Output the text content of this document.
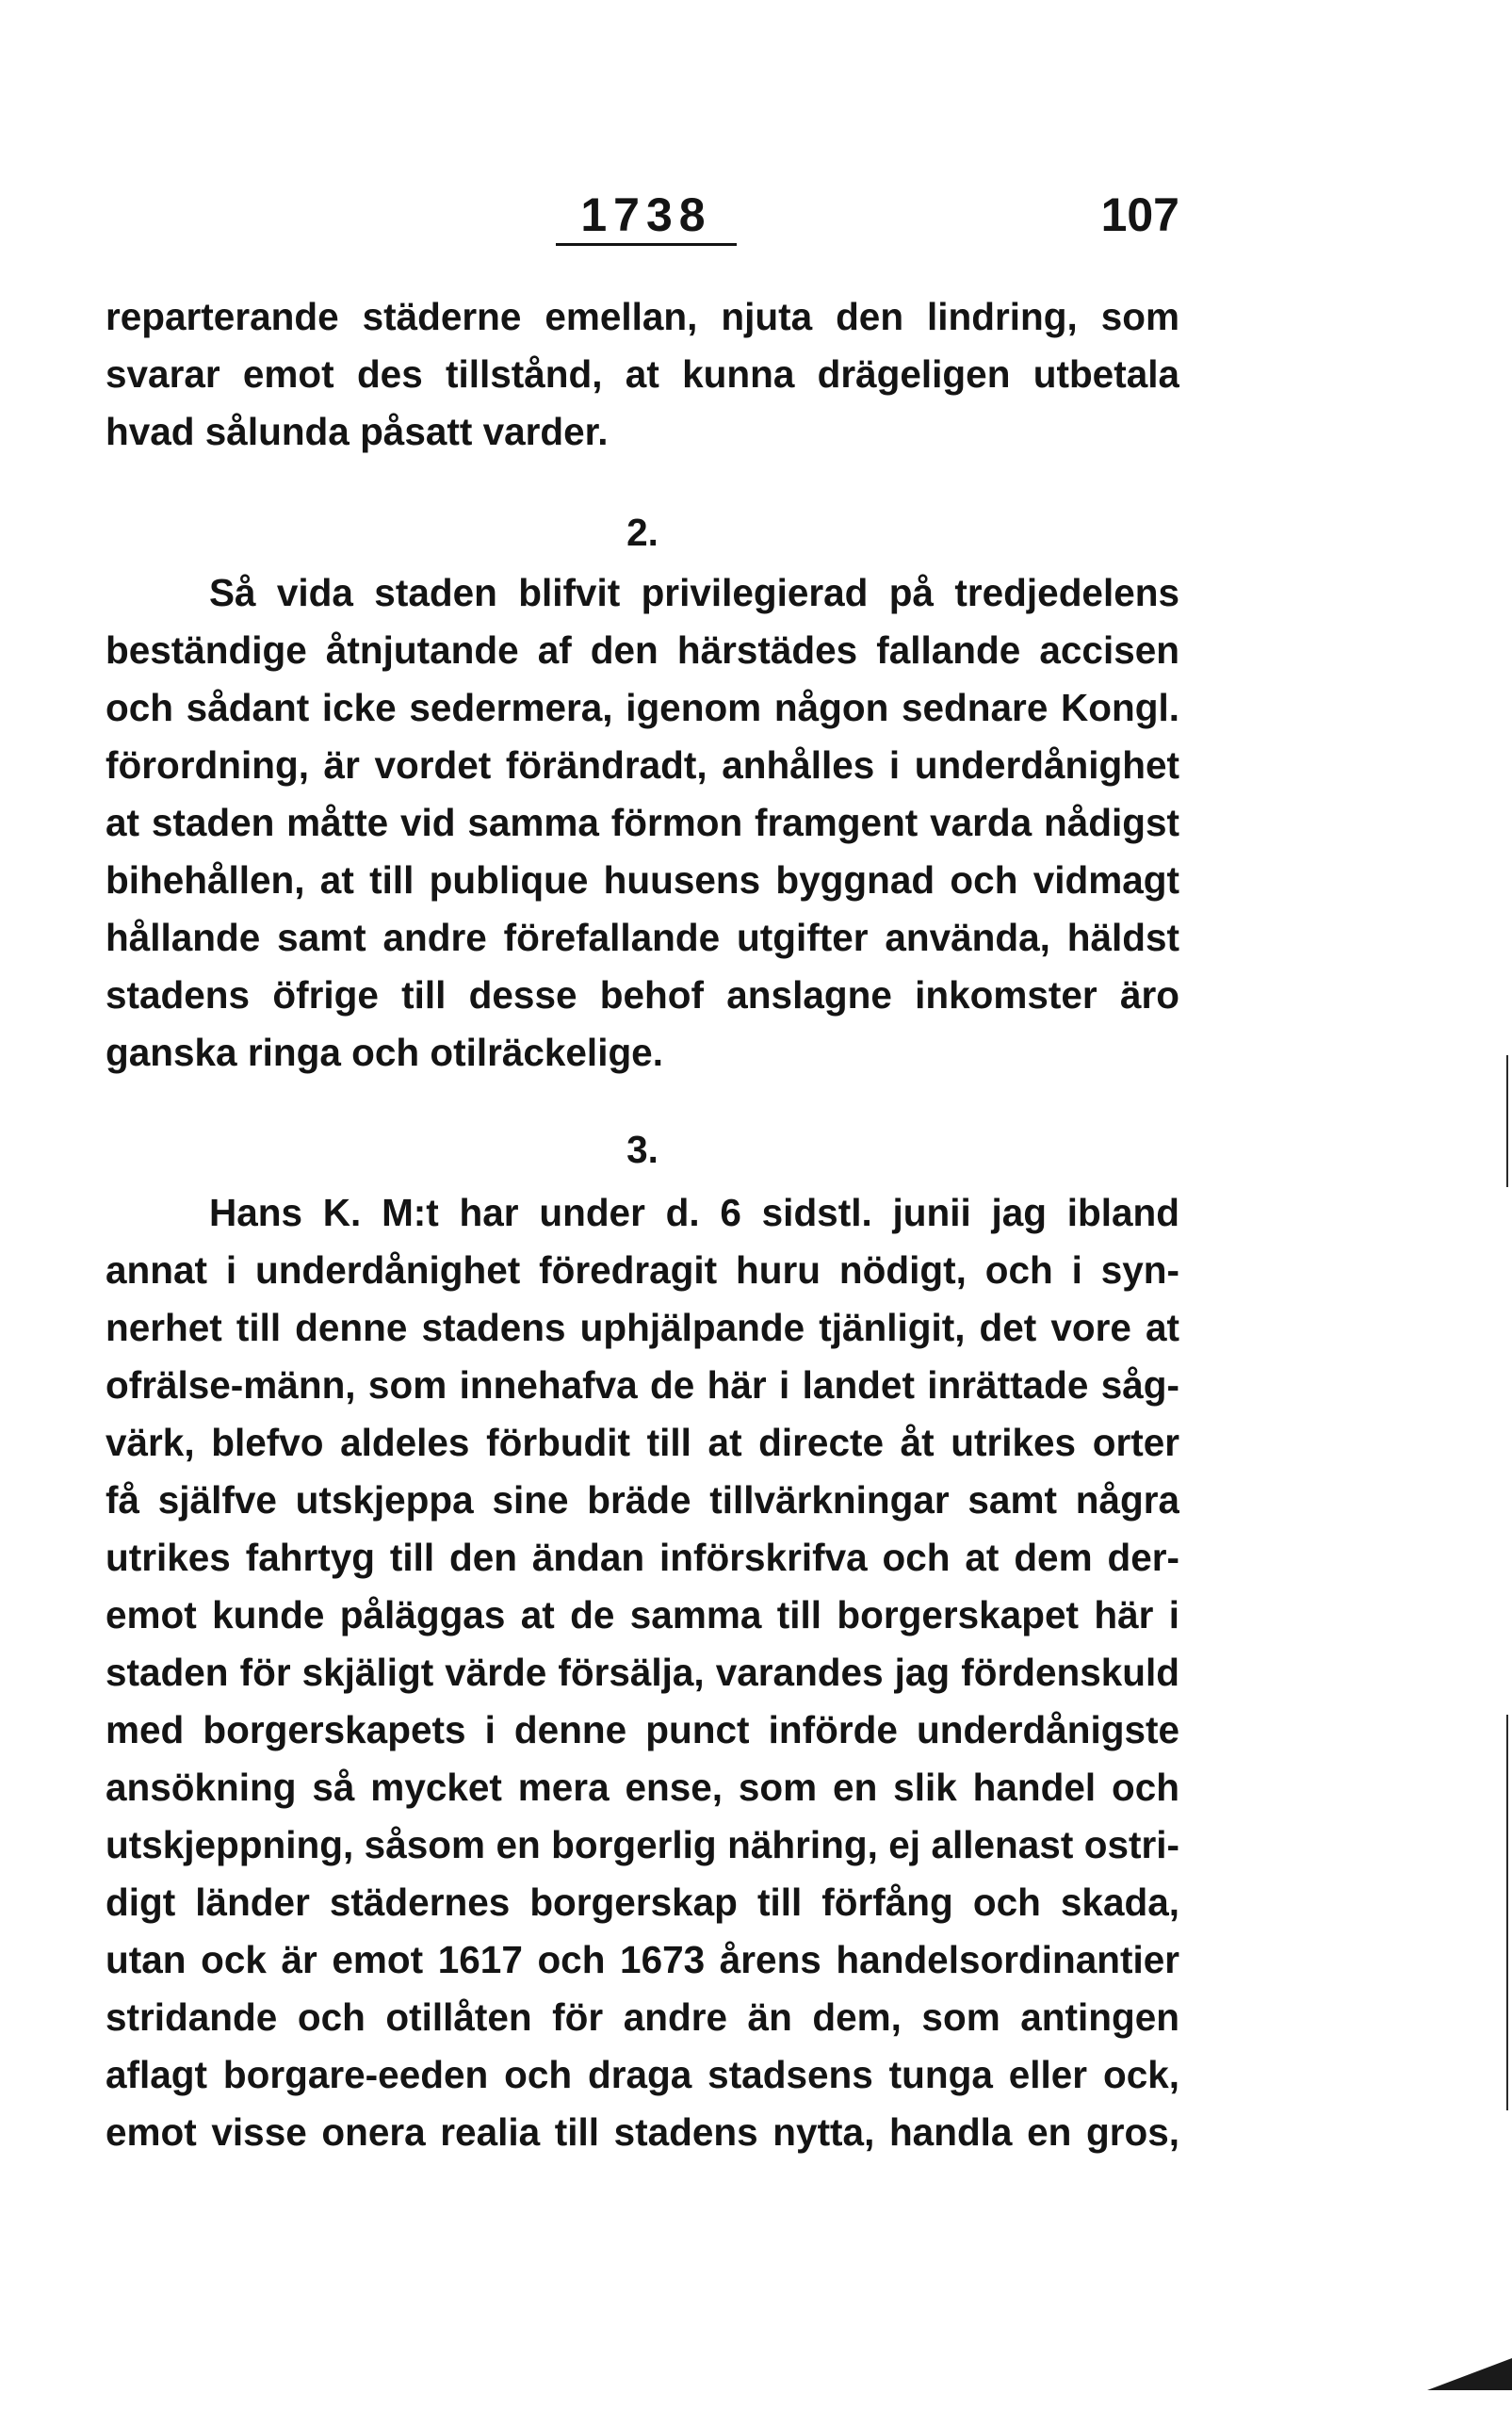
1738	107
reparterande städerne emellan, njuta den lindring, som
svarar emot des tillstånd, at kunna drägeligen utbetala
hvad sålunda påsatt varder.
2.
Så vida staden blifvit privilegierad på tredjedelens
beständige åtnjutande af den härstädes fallande accisen
och sådant icke sedermera, igenom någon sednare Kongl.
förordning, är vordet förändradt, anhålles i underdånighet
at staden måtte vid samma förmon framgent varda nådigst
bihehållen, at till publique huusens byggnad och vidmagt
hållande samt andre förefallande utgifter använda, häldst
stadens öfrige till desse behof anslagne inkomster äro
ganska ringa och otilräckelige.
3.
Hans K. M:t har under d. 6 sidstl. junii jag ibland
annat i underdånighet föredragit huru nödigt, och i syn-
nerhet till denne stadens uphjälpande tjänligit, det vore at
ofrälse-männ, som innehafva de här i landet inrättade såg-
värk, blefvo aldeles förbudit till at directe åt utrikes orter
få själfve utskjeppa sine bräde tillvärkningar samt några
utrikes fahrtyg till den ändan införskrifva och at dem der-
emot kunde påläggas at de samma till borgerskapet här i
staden för skjäligt värde försälja, varandes jag fördenskuld
med borgerskapets i denne punct införde underdånigste
ansökning så mycket mera ense, som en slik handel och
utskjeppning, såsom en borgerlig nähring, ej allenast ostri-
digt länder städernes borgerskap till förfång och skada,
utan ock är emot 1617 och 1673 årens handelsordinantier
stridande och otillåten för andre än dem, som antingen
aflagt borgare-eeden och draga stadsens tunga eller ock,
emot visse onera realia till stadens nytta, handla en gros,
